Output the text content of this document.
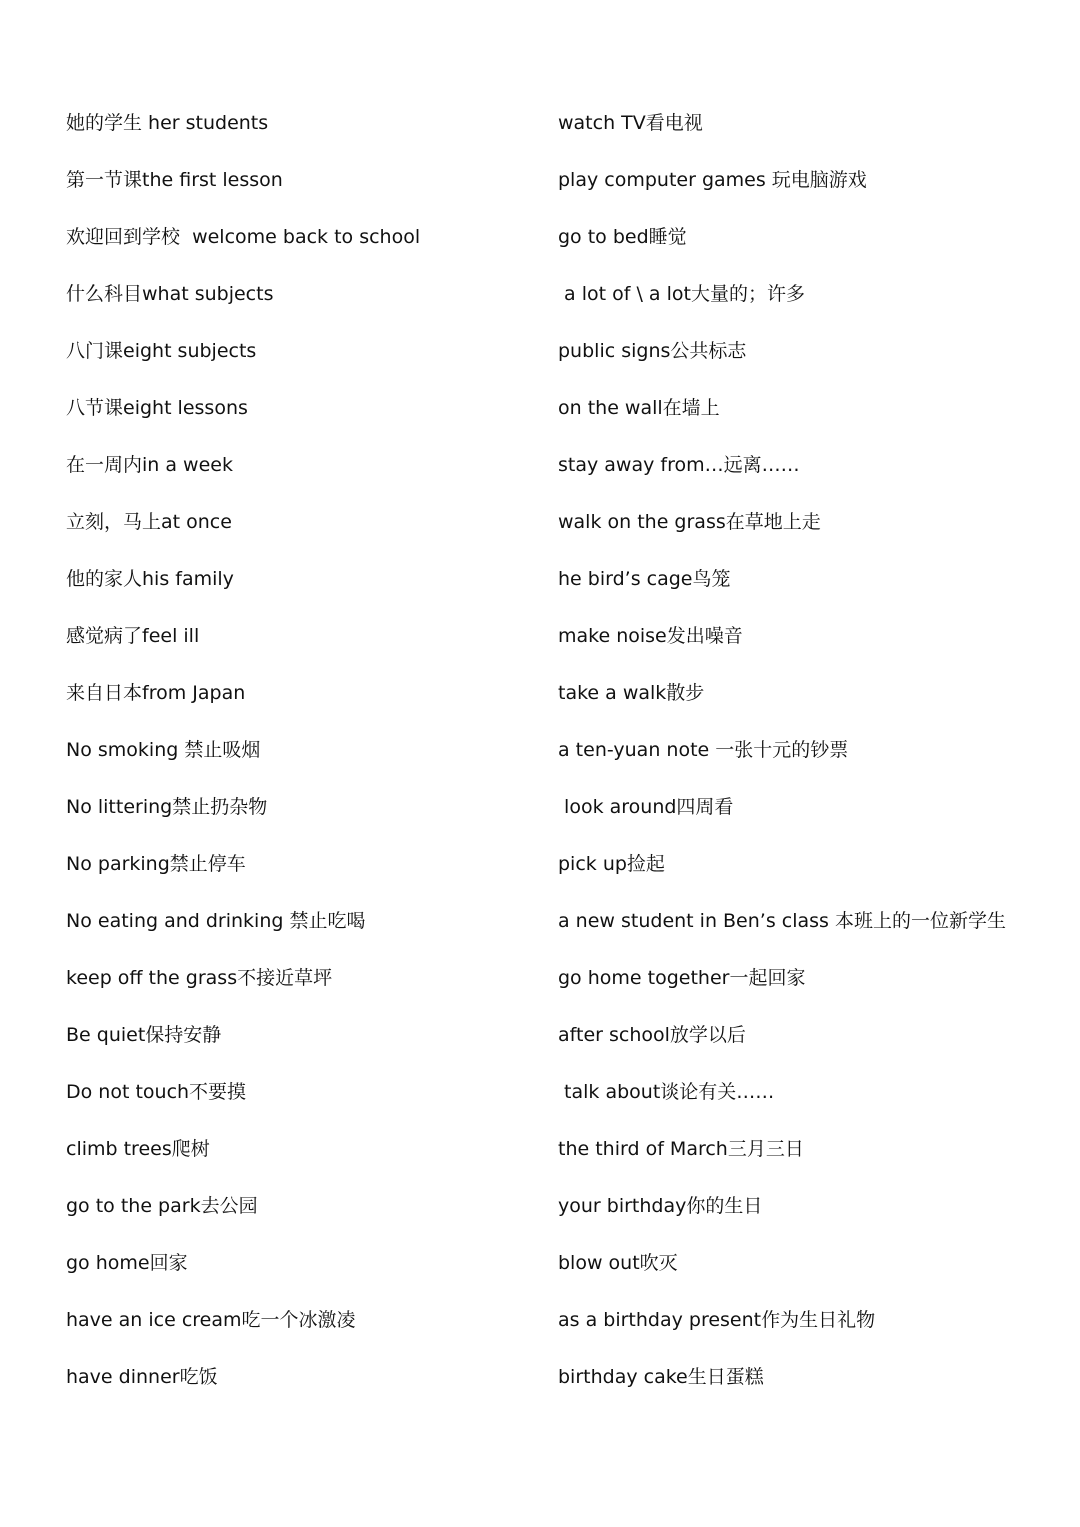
她的学生 her students
第一节课the first lesson
欢迎回到学校  welcome back to school
什么科目what subjects
八门课eight subjects
八节课eight lessons
在一周内in a week
立刻，马上at once
他的家人his family
感觉病了feel ill
来自日本from Japan
No smoking 禁止吸烟
No littering禁止扔杂物
No parking禁止停车
No eating and drinking 禁止吃喝
keep off the grass不接近草坪
Be quiet保持安静
Do not touch不要摸
climb trees爬树
go to the park去公园
go home回家
have an ice cream吃一个冰激凌
have dinner吃饭
watch TV看电视
play computer games 玩电脑游戏
go to bed睡觉
a lot of \ a lot大量的；许多
public signs公共标志
on the wall在墙上
stay away from…远离……
walk on the grass在草地上走
he bird’s cage鸟笼
make noise发出噪音
take a walk散步
a ten-yuan note 一张十元的钞票
look around四周看
pick up捡起
a new student in Ben’s class 本班上的一位新学生
go home together一起回家
after school放学以后
talk about谈论有关……
the third of March三月三日
your birthday你的生日
blow out吹灭
as a birthday present作为生日礼物
birthday cake生日蛋糕
